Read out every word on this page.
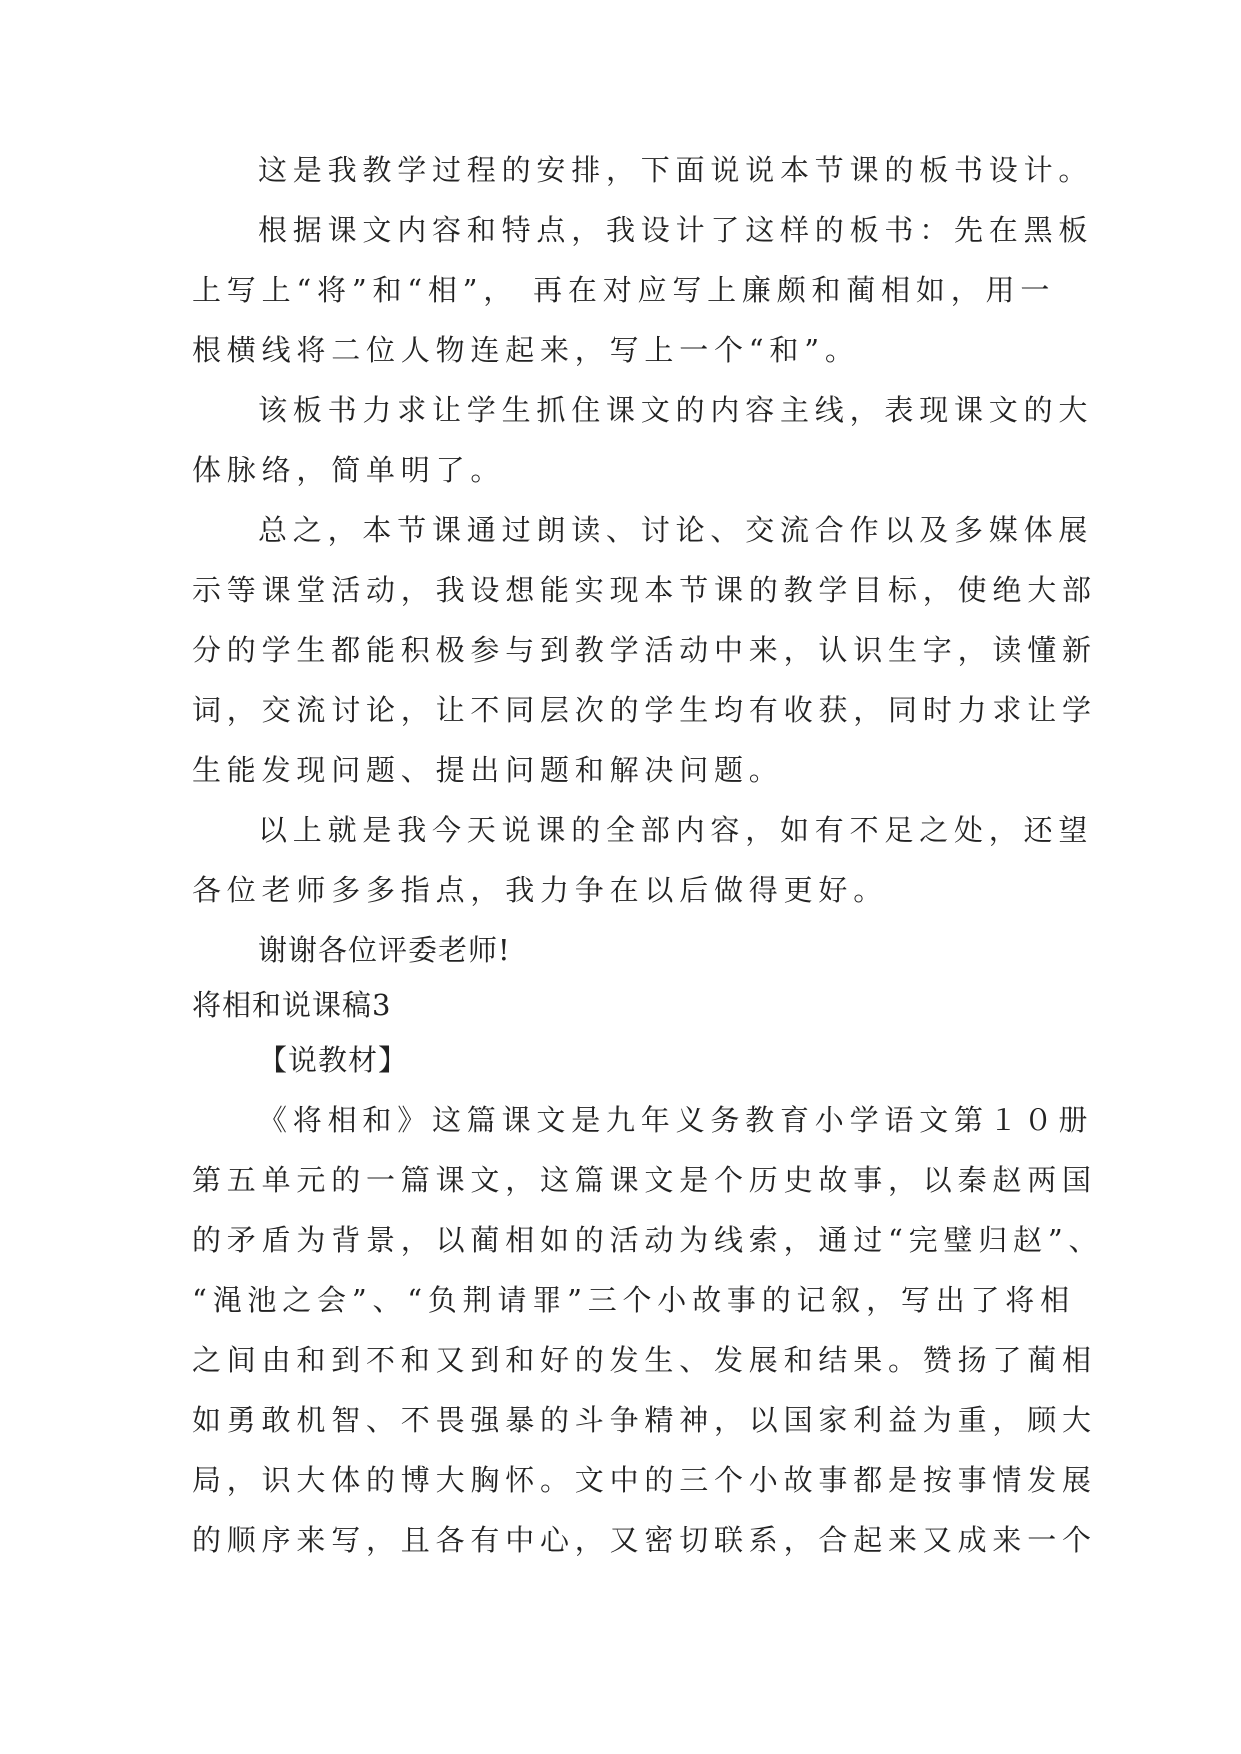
这是我教学过程的安排，下面说说本节课的板书设计。

根据课文内容和特点，我设计了这样的板书：先在黑板

上写上“将”和“相”， 再在对应写上廉颇和蔺相如，用一

根横线将二位人物连起来，写上一个“和”。

该板书力求让学生抓住课文的内容主线，表现课文的大

体脉络，简单明了。

总之，本节课通过朗读、讨论、交流合作以及多媒体展

示等课堂活动，我设想能实现本节课的教学目标，使绝大部

分的学生都能积极参与到教学活动中来，认识生字，读懂新

词，交流讨论，让不同层次的学生均有收获，同时力求让学

生能发现问题、提出问题和解决问题。

以上就是我今天说课的全部内容，如有不足之处，还望

各位老师多多指点，我力争在以后做得更好。

谢谢各位评委老师!

将相和说课稿3

【说教材】

《将相和》这篇课文是九年义务教育小学语文第１０册

第五单元的一篇课文，这篇课文是个历史故事，以秦赵两国

的矛盾为背景，以蔺相如的活动为线索，通过“完璧归赵”、

“渑池之会”、“负荆请罪”三个小故事的记叙，写出了将相

之间由和到不和又到和好的发生、发展和结果。赞扬了蔺相

如勇敢机智、不畏强暴的斗争精神，以国家利益为重，顾大

局，识大体的博大胸怀。文中的三个小故事都是按事情发展

的顺序来写，且各有中心，又密切联系，合起来又成来一个
